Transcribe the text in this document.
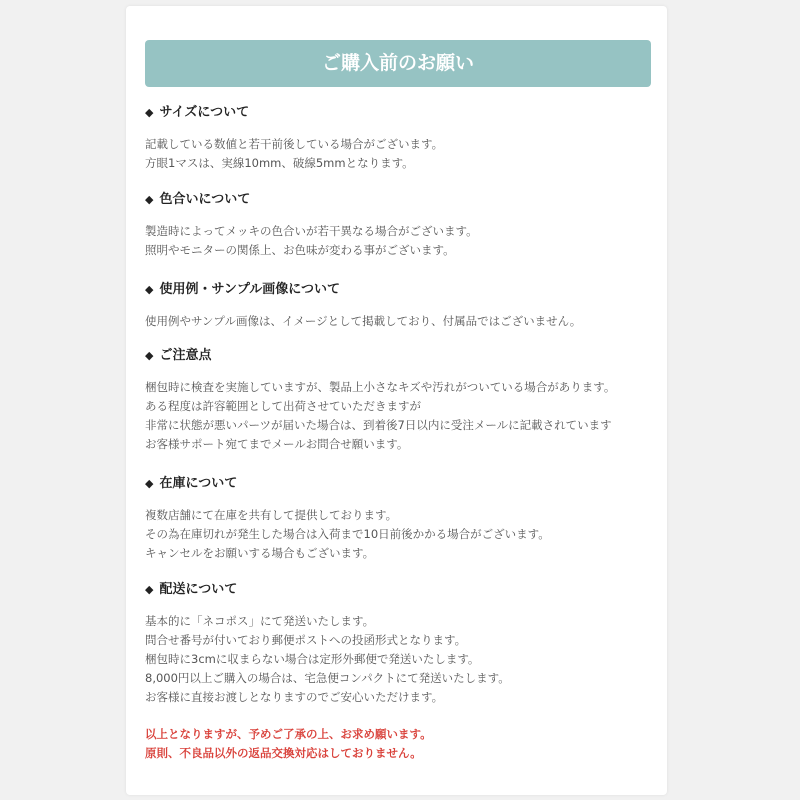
ご購入前のお願い
◆ サイズについて
記載している数値と若干前後している場合がございます。
方眼1マスは、実線10mm、破線5mmとなります。
◆ 色合いについて
製造時によってメッキの色合いが若干異なる場合がございます。
照明やモニターの関係上、お色味が変わる事がございます。
◆ 使用例・サンプル画像について
使用例やサンプル画像は、イメージとして掲載しており、付属品ではございません。
◆ ご注意点
梱包時に検査を実施していますが、製品上小さなキズや汚れがついている場合があります。
ある程度は許容範囲として出荷させていただきますが
非常に状態が悪いパーツが届いた場合は、到着後7日以内に受注メールに記載されています
お客様サポート宛てまでメールお問合せ願います。
◆ 在庫について
複数店舗にて在庫を共有して提供しております。
その為在庫切れが発生した場合は入荷まで10日前後かかる場合がございます。
キャンセルをお願いする場合もございます。
◆ 配送について
基本的に「ネコポス」にて発送いたします。
問合せ番号が付いており郵便ポストへの投函形式となります。
梱包時に3cmに収まらない場合は定形外郵便で発送いたします。
8,000円以上ご購入の場合は、宅急便コンパクトにて発送いたします。
お客様に直接お渡しとなりますのでご安心いただけます。
以上となりますが、予めご了承の上、お求め願います。
原則、不良品以外の返品交換対応はしておりません。
